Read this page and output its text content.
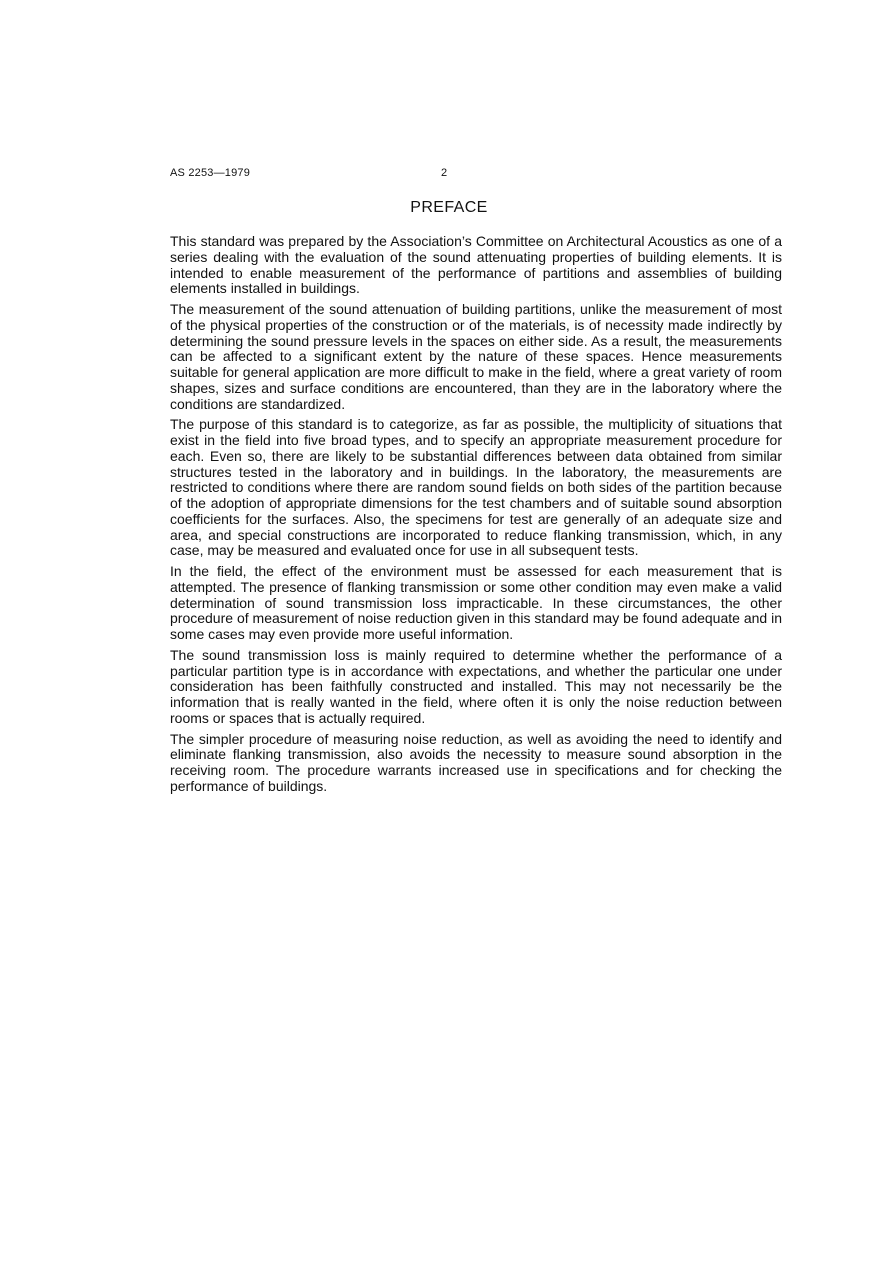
AS 2253—1979	2
PREFACE

This standard was prepared by the Association’s Committee on Architectural Acoustics as one of a series dealing with the evaluation of the sound attenuating properties of building elements. It is intended to enable measurement of the performance of partitions and assemblies of building elements installed in buildings.

The measurement of the sound attenuation of building partitions, unlike the measurement of most of the physical properties of the construction or of the materials, is of necessity made indirectly by determining the sound pressure levels in the spaces on either side. As a result, the measurements can be affected to a significant extent by the nature of these spaces. Hence measurements suitable for general application are more difficult to make in the field, where a great variety of room shapes, sizes and surface conditions are encountered, than they are in the laboratory where the conditions are standardized.

The purpose of this standard is to categorize, as far as possible, the multiplicity of situations that exist in the field into five broad types, and to specify an appropriate measurement procedure for each. Even so, there are likely to be substantial differences between data obtained from similar structures tested in the laboratory and in buildings. In the laboratory, the measurements are restricted to conditions where there are random sound fields on both sides of the partition because of the adoption of appropriate dimensions for the test chambers and of suitable sound absorption coefficients for the surfaces. Also, the specimens for test are generally of an adequate size and area, and special constructions are incorporated to reduce flanking transmission, which, in any case, may be measured and evaluated once for use in all subsequent tests.

In the field, the effect of the environment must be assessed for each measurement that is attempted. The presence of flanking transmission or some other condition may even make a valid determination of sound transmission loss impracticable. In these circumstances, the other procedure of measurement of noise reduction given in this standard may be found adequate and in some cases may even provide more useful information.

The sound transmission loss is mainly required to determine whether the performance of a particular partition type is in accordance with expectations, and whether the particular one under consideration has been faithfully constructed and installed. This may not necessarily be the information that is really wanted in the field, where often it is only the noise reduction between rooms or spaces that is actually required.

The simpler procedure of measuring noise reduction, as well as avoiding the need to identify and eliminate flanking transmission, also avoids the necessity to measure sound absorption in the receiving room. The procedure warrants increased use in specifications and for checking the performance of buildings.
